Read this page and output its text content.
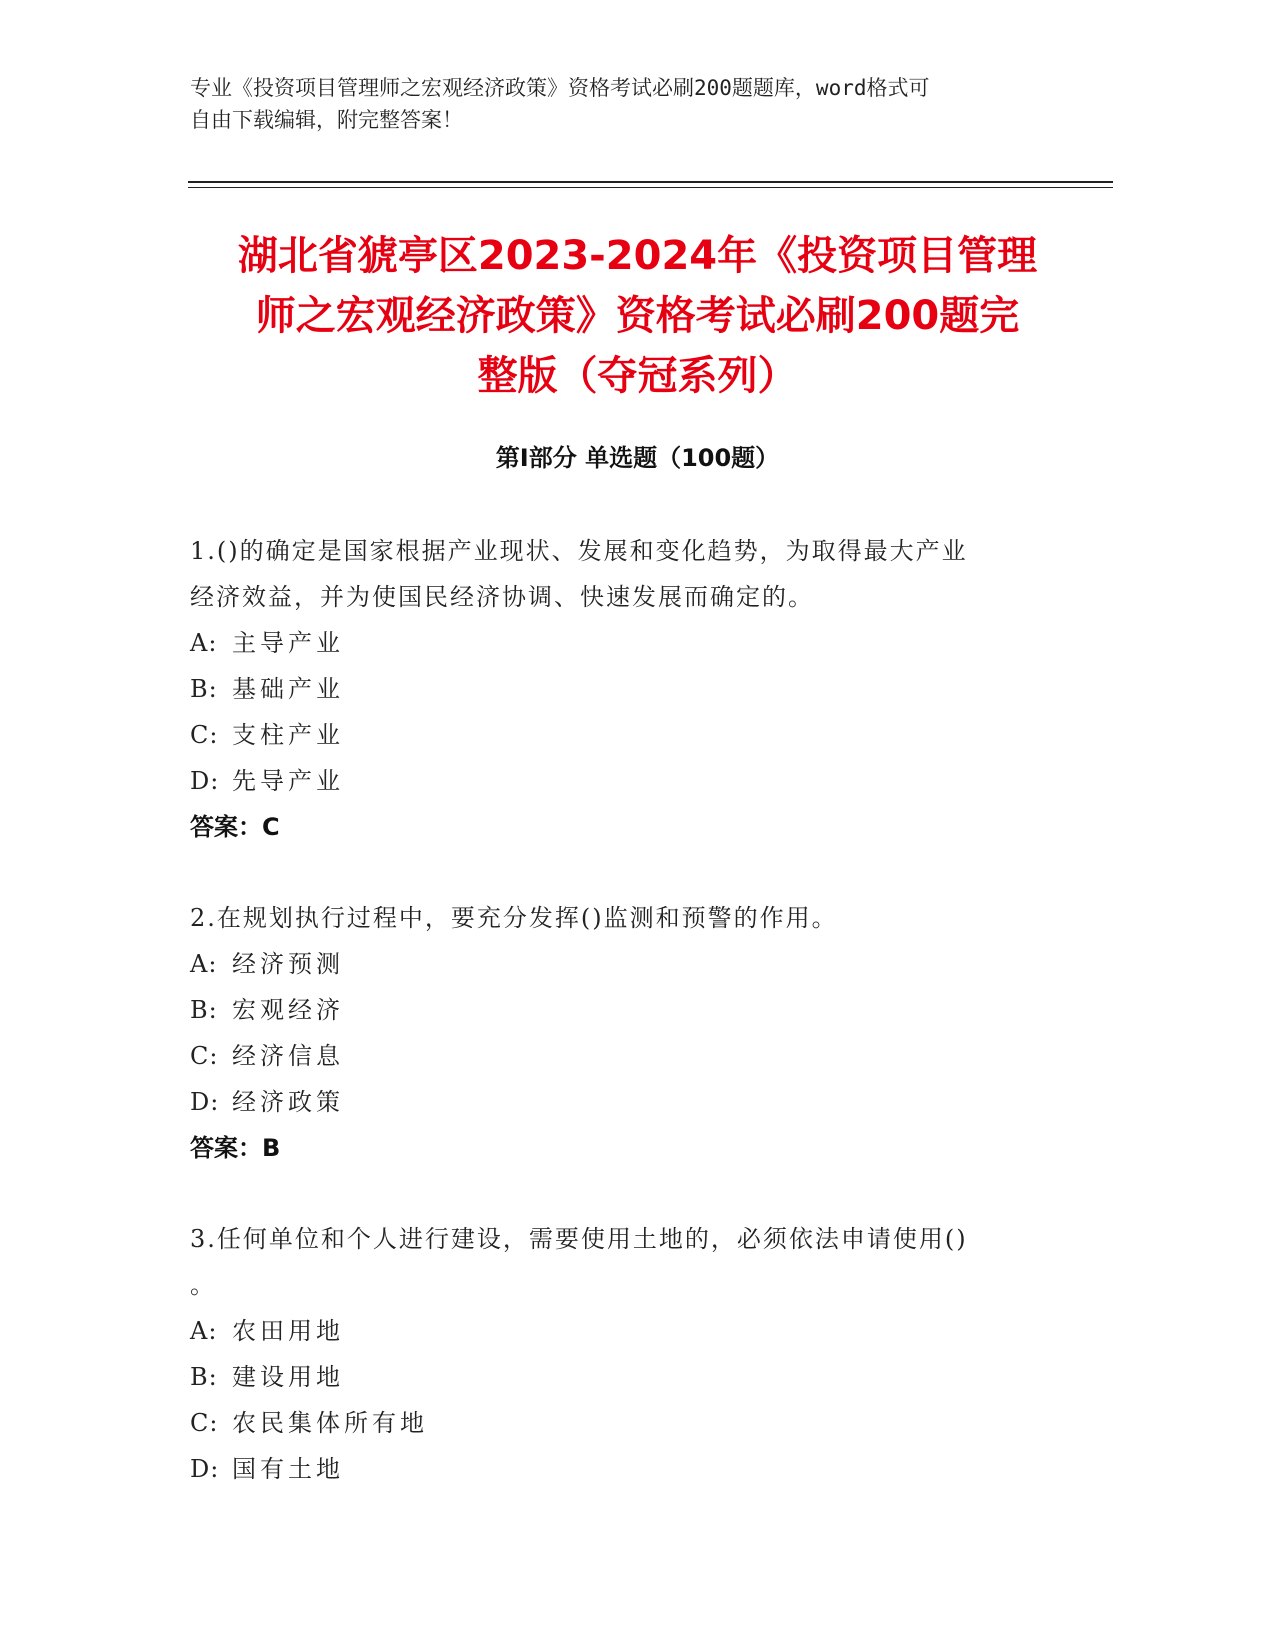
专业《投资项目管理师之宏观经济政策》资格考试必刷200题题库，word格式可
自由下载编辑，附完整答案！
湖北省猇亭区2023-2024年《投资项目管理
师之宏观经济政策》资格考试必刷200题完
整版（夺冠系列）
第Ⅰ部分 单选题（100题）
1.()的确定是国家根据产业现状、发展和变化趋势，为取得最大产业
经济效益，并为使国民经济协调、快速发展而确定的。
A: 主导产业
B: 基础产业
C: 支柱产业
D: 先导产业
答案：C
2.在规划执行过程中，要充分发挥()监测和预警的作用。
A: 经济预测
B: 宏观经济
C: 经济信息
D: 经济政策
答案：B
3.任何单位和个人进行建设，需要使用土地的，必须依法申请使用()
。
A: 农田用地
B: 建设用地
C: 农民集体所有地
D: 国有土地
